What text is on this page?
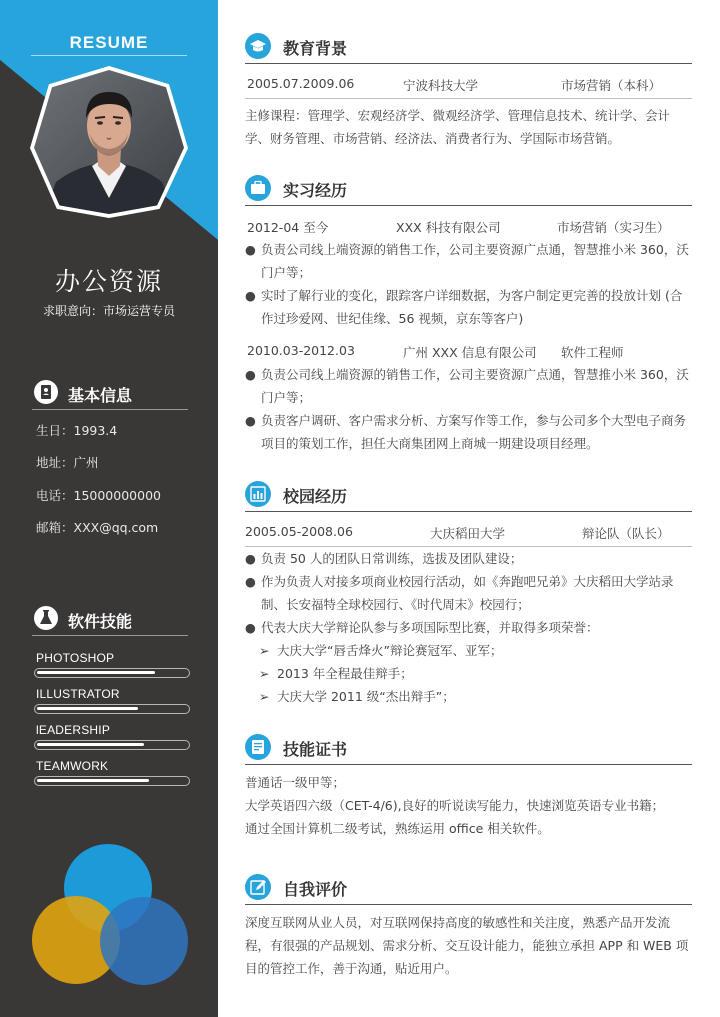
RESUME
办公资源
求职意向：市场运营专员
基本信息
生日：1993.4
地址：广州
电话：15000000000
邮箱：XXX@qq.com
软件技能
PHOTOSHOP
ILLUSTRATOR
lEADERSHIP
TEAMWORK
教育背景
2005.07.2009.06	宁波科技大学	市场营销（本科）
主修课程：管理学、宏观经济学、微观经济学、管理信息技术、统计学、会计学、财务管理、市场营销、经济法、消费者行为、学国际市场营销。
实习经历
2012-04 至今	XXX 科技有限公司	市场营销（实习生）
● 负责公司线上端资源的销售工作，公司主要资源广点通，智慧推小米 360，沃门户等；
● 实时了解行业的变化，跟踪客户详细数据，为客户制定更完善的投放计划 (合作过珍爱网、世纪佳缘、56 视频，京东等客户)
2010.03-2012.03	广州 XXX 信息有限公司 软件工程师
● 负责公司线上端资源的销售工作，公司主要资源广点通，智慧推小米 360，沃门户等；
● 负责客户调研、客户需求分析、方案写作等工作，参与公司多个大型电子商务项目的策划工作，担任大商集团网上商城一期建设项目经理。
校园经历
2005.05-2008.06	大庆稻田大学	辩论队（队长）
● 负责 50 人的团队日常训练，选拔及团队建设；
● 作为负责人对接多项商业校园行活动，如《奔跑吧兄弟》大庆稻田大学站录制、长安福特全球校园行、《时代周末》校园行；
● 代表大庆大学辩论队参与多项国际型比赛，并取得多项荣誉：
➢ 大庆大学“唇舌烽火”辩论赛冠军、亚军；
➢ 2013 年全程最佳辩手；
➢ 大庆大学 2011 级“杰出辩手”；
技能证书
普通话一级甲等；
大学英语四六级（CET-4/6),良好的听说读写能力，快速浏览英语专业书籍；
通过全国计算机二级考试，熟练运用 office 相关软件。
自我评价
深度互联网从业人员，对互联网保持高度的敏感性和关注度，熟悉产品开发流程，有很强的产品规划、需求分析、交互设计能力，能独立承担 APP 和 WEB 项目的管控工作，善于沟通，贴近用户。
